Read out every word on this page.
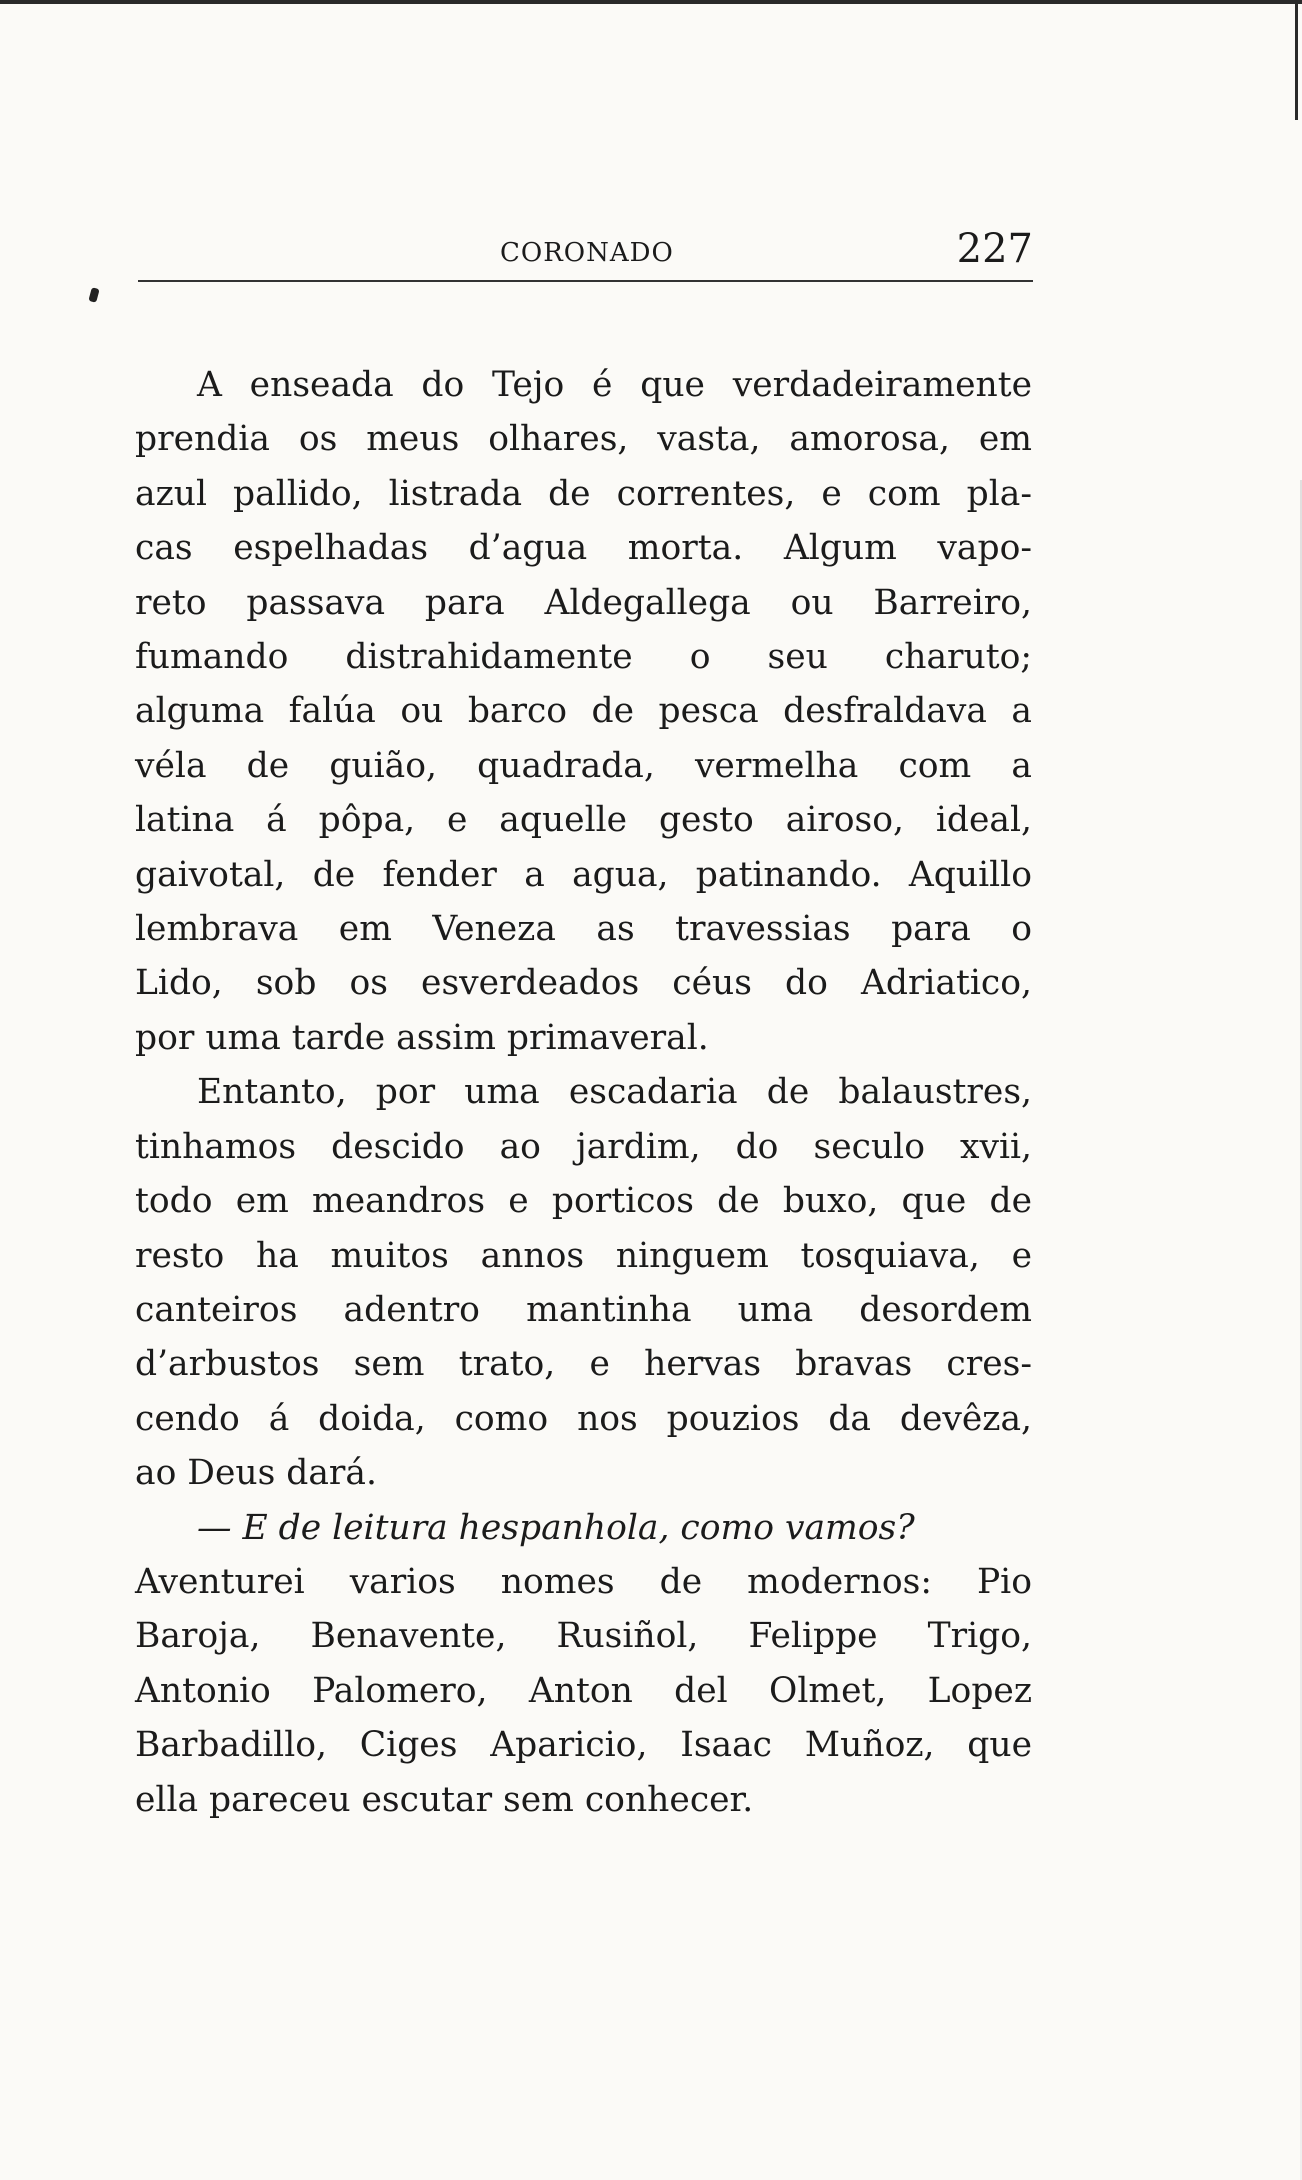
CORONADO	227
A enseada do Tejo é que verdadeiramente
prendia os meus olhares, vasta, amorosa, em
azul pallido, listrada de correntes, e com pla-
cas espelhadas d’agua morta. Algum vapo-
reto passava para Aldegallega ou Barreiro,
fumando distrahidamente o seu charuto;
alguma falúa ou barco de pesca desfraldava a
véla de guião, quadrada, vermelha com a
latina á pôpa, e aquelle gesto airoso, ideal,
gaivotal, de fender a agua, patinando. Aquillo
lembrava em Veneza as travessias para o
Lido, sob os esverdeados céus do Adriatico,
por uma tarde assim primaveral.
Entanto, por uma escadaria de balaustres,
tinhamos descido ao jardim, do seculo xvii,
todo em meandros e porticos de buxo, que de
resto ha muitos annos ninguem tosquiava, e
canteiros adentro mantinha uma desordem
d’arbustos sem trato, e hervas bravas cres-
cendo á doida, como nos pouzios da devêza,
ao Deus dará.
— E de leitura hespanhola, como vamos?
Aventurei varios nomes de modernos: Pio
Baroja, Benavente, Rusiñol, Felippe Trigo,
Antonio Palomero, Anton del Olmet, Lopez
Barbadillo, Ciges Aparicio, Isaac Muñoz, que
ella pareceu escutar sem conhecer.
